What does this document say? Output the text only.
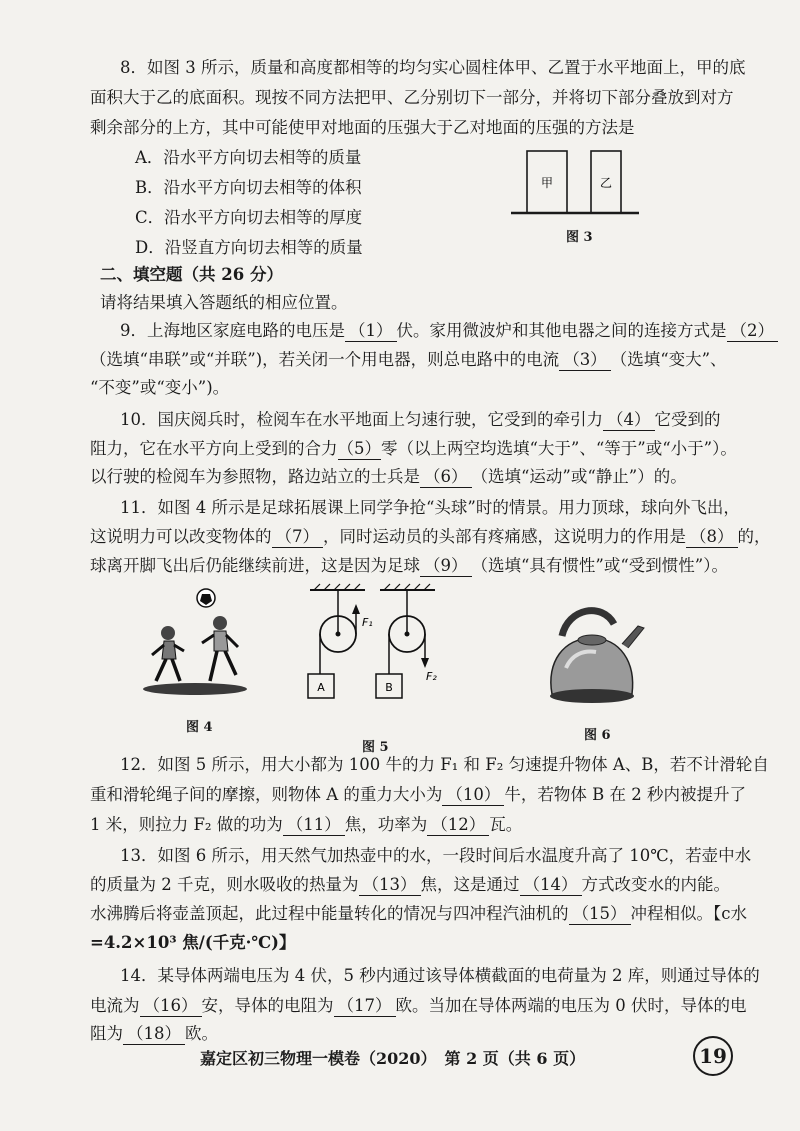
8．如图 3 所示，质量和高度都相等的均匀实心圆柱体甲、乙置于水平地面上，甲的底
面积大于乙的底面积。现按不同方法把甲、乙分别切下一部分，并将切下部分叠放到对方
剩余部分的上方，其中可能使甲对地面的压强大于乙对地面的压强的方法是
A．沿水平方向切去相等的质量
B．沿水平方向切去相等的体积
C．沿水平方向切去相等的厚度
D．沿竖直方向切去相等的质量
甲	乙
图 3
二、填空题（共 26 分）
请将结果填入答题纸的相应位置。
9．上海地区家庭电路的电压是 （1） 伏。家用微波炉和其他电器之间的连接方式是 （2）
（选填“串联”或“并联”)，若关闭一个用电器，则总电路中的电流 （3） （选填“变大”、
“不变”或“变小”)。
10．国庆阅兵时，检阅车在水平地面上匀速行驶，它受到的牵引力 （4） 它受到的
阻力，它在水平方向上受到的合力（5）零（以上两空均选填“大于”、“等于”或“小于”）。
以行驶的检阅车为参照物，路边站立的士兵是 （6） （选填“运动”或“静止”）的。
11．如图 4 所示是足球拓展课上同学争抢“头球”时的情景。用力顶球，球向外飞出，
这说明力可以改变物体的 （7） ，同时运动员的头部有疼痛感，这说明力的作用是 （8） 的，
球离开脚飞出后仍能继续前进，这是因为足球 （9） （选填“具有惯性”或“受到惯性”）。
图 4
F₁
A
F₂
B
图 5
图 6
12．如图 5 所示，用大小都为 100 牛的力 F₁ 和 F₂ 匀速提升物体 A、B，若不计滑轮自
重和滑轮绳子间的摩擦，则物体 A 的重力大小为 （10） 牛，若物体 B 在 2 秒内被提升了
1 米，则拉力 F₂ 做的功为 （11） 焦，功率为 （12） 瓦。
13．如图 6 所示，用天然气加热壶中的水，一段时间后水温度升高了 10℃，若壶中水
的质量为 2 千克，则水吸收的热量为 （13） 焦，这是通过 （14） 方式改变水的内能。
水沸腾后将壶盖顶起，此过程中能量转化的情况与四冲程汽油机的 （15） 冲程相似。【c水
=4.2×10³ 焦/(千克·℃)】
14．某导体两端电压为 4 伏，5 秒内通过该导体横截面的电荷量为 2 库，则通过导体的
电流为 （16） 安，导体的电阻为 （17） 欧。当加在导体两端的电压为 0 伏时，导体的电
阻为 （18） 欧。
嘉定区初三物理一模卷（2020）　第 2 页（共 6 页）	19
